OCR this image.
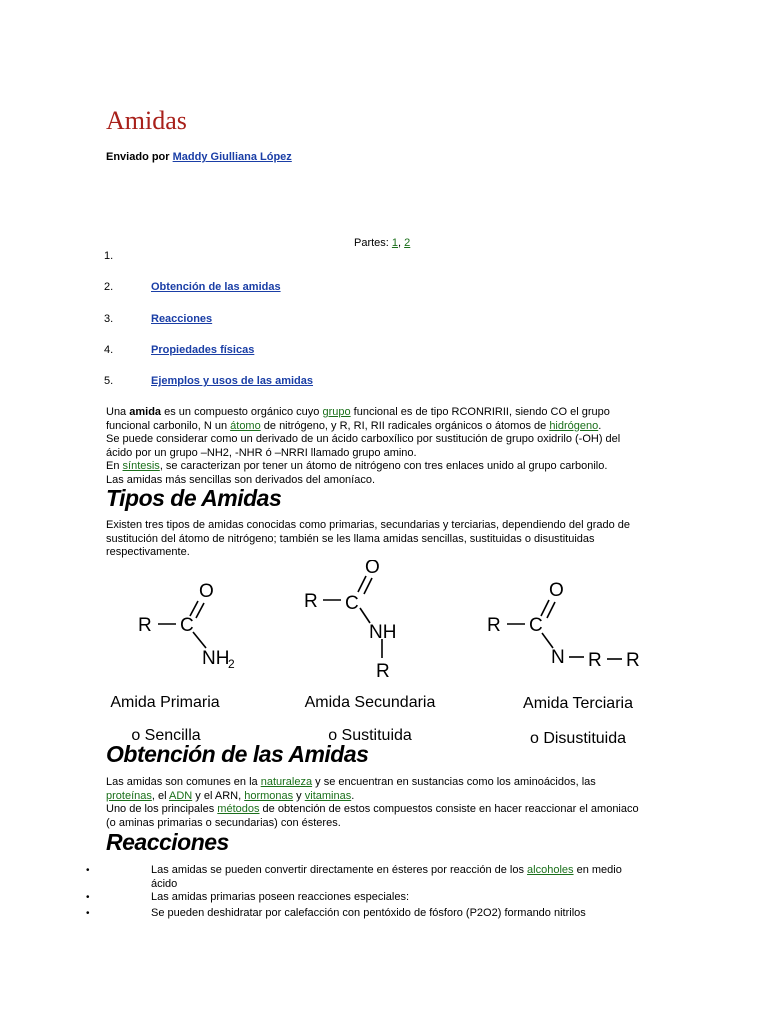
Amidas
Enviado por Maddy Giulliana López
Partes: 1, 2
1.
2.	Obtención de las amidas
3.	Reacciones
4.	Propiedades físicas
5.	Ejemplos y usos de las amidas
Una amida es un compuesto orgánico cuyo grupo funcional es de tipo RCONRIRII, siendo CO el grupo funcional carbonilo, N un átomo de nitrógeno, y R, RI, RII radicales orgánicos o átomos de hidrógeno.
Se puede considerar como un derivado de un ácido carboxílico por sustitución de grupo oxidrilo (-OH) del ácido por un grupo –NH2, -NHR ó –NRRI llamado grupo amino.
En síntesis, se caracterizan por tener un átomo de nitrógeno con tres enlaces unido al grupo carbonilo.
Las amidas más sencillas son derivados del amoníaco.
Tipos de Amidas
Existen tres tipos de amidas conocidas como primarias, secundarias y terciarias, dependiendo del grado de sustitución del átomo de nitrógeno; también se les llama amidas sencillas, sustituidas o disustituidas respectivamente.
R C
O
NH
2
R C
O
NH
R
R C
O
N R R
Amida Primaria
o Sencilla
Amida Secundaria
o Sustituida
Amida Terciaria
o Disustituida
Obtención de las Amidas
Las amidas son comunes en la naturaleza y se encuentran en sustancias como los aminoácidos, las proteínas, el ADN y el ARN, hormonas y vitaminas.
Uno de los principales métodos de obtención de estos compuestos consiste en hacer reaccionar el amoniaco (o aminas primarias o secundarias) con ésteres.
Reacciones
•	Las amidas se pueden convertir directamente en ésteres por reacción de los alcoholes en medio ácido
•	Las amidas primarias poseen reacciones especiales:
•	Se pueden deshidratar por calefacción con pentóxido de fósforo (P2O2) formando nitrilos
